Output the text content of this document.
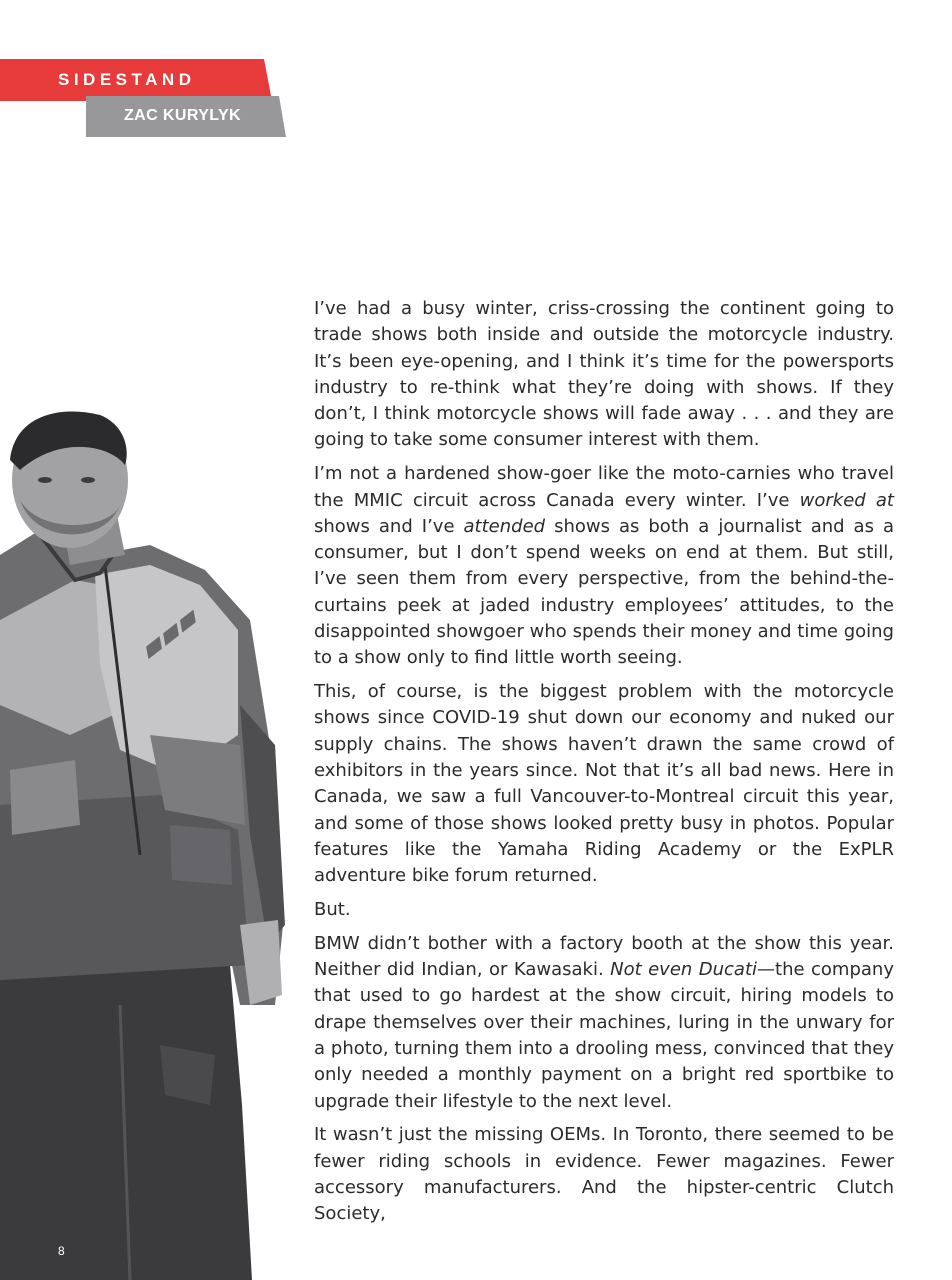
SIDESTAND
ZAC KURYLYK
▰▰▰
8

I’ve had a busy winter, criss-crossing the continent going to trade shows both inside and outside the motorcycle industry. It’s been eye-opening, and I think it’s time for the powersports industry to re-think what they’re doing with shows. If they don’t, I think motorcycle shows will fade away . . . and they are going to take some consumer interest with them.

I’m not a hardened show-goer like the moto-carnies who travel the MMIC circuit across Canada every winter. I’ve worked at shows and I’ve attended shows as both a journalist and as a consumer, but I don’t spend weeks on end at them. But still, I’ve seen them from every perspective, from the behind-the-curtains peek at jaded industry employees’ attitudes, to the disappointed showgoer who spends their money and time going to a show only to find little worth seeing.

This, of course, is the biggest problem with the motorcycle shows since COVID-19 shut down our economy and nuked our supply chains. The shows haven’t drawn the same crowd of exhibitors in the years since. Not that it’s all bad news. Here in Canada, we saw a full Vancouver-to-Montreal circuit this year, and some of those shows looked pretty busy in photos. Popular features like the Yamaha Riding Academy or the ExPLR adventure bike forum returned.

But.

BMW didn’t bother with a factory booth at the show this year. Neither did Indian, or Kawasaki. Not even Ducati—the company that used to go hardest at the show circuit, hiring models to drape themselves over their machines, luring in the unwary for a photo, turning them into a drooling mess, convinced that they only needed a monthly payment on a bright red sportbike to upgrade their lifestyle to the next level.

It wasn’t just the missing OEMs. In Toronto, there seemed to be fewer riding schools in evidence. Fewer magazines. Fewer accessory manufacturers. And the hipster-centric Clutch Society,
